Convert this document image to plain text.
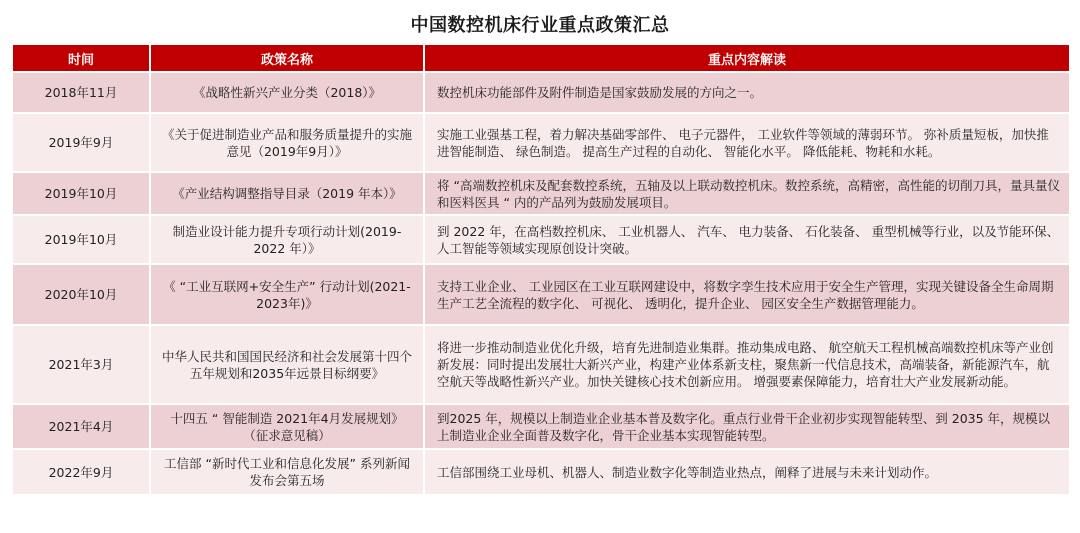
中国数控机床行业重点政策汇总
时间	政策名称	重点内容解读
2018年11月	《战略性新兴产业分类（2018）》	数控机床功能部件及附件制造是国家鼓励发展的方向之一。
2019年9月	《关于促进制造业产品和服务质量提升的实施意见（2019年9月）》	实施工业强基工程，着力解决基础零部件、 电子元器件， 工业软件等领域的薄弱环节。 弥补质量短板，加快推进智能制造、 绿色制造。 提高生产过程的自动化、 智能化水平。 降低能耗、物耗和水耗。
2019年10月	《产业结构调整指导目录（2019 年本）》	将 “高端数控机床及配套数控系统，五轴及以上联动数控机床。数控系统，高精密，高性能的切削刀具，量具量仪和医料医具 “ 内的产品列为鼓励发展项目。
2019年10月	制造业设计能力提升专项行动计划(2019-2022 年）》	到 2022 年，在高档数控机床、 工业机器人、 汽车、 电力装备、 石化装备、 重型机械等行业，以及节能环保、 人工智能等领域实现原创设计突破。
2020年10月	《 “工业互联网+安全生产” 行动计划(2021-2023年)》	支持工业企业、 工业园区在工业互联网建设中，将数字孪生技术应用于安全生产管理，实现关键设备全生命周期生产工艺全流程的数字化、 可视化、 透明化，提升企业、 园区安全生产数据管理能力。
2021年3月	中华人民共和国国民经济和社会发展第十四个五年规划和2035年远景目标纲要》	将进一步推动制造业优化升级，培育先进制造业集群。推动集成电路、 航空航天工程机械高端数控机床等产业创新发展：同时提出发展壮大新兴产业，构建产业体系新支柱，聚焦新一代信息技术，高端装备，新能源汽车，航空航天等战略性新兴产业。加快关键核心技术创新应用。 增强要素保障能力，培育壮大产业发展新动能。
2021年4月	十四五 “ 智能制造 2021年4月发展规划》 （征求意见稿）	到2025 年，规模以上制造业企业基本普及数字化。重点行业骨干企业初步实现智能转型、到 2035 年，规模以上制造业企业全面普及数字化，骨干企业基本实现智能转型。
2022年9月	工信部 “新时代工业和信息化发展” 系列新闻发布会第五场	工信部围绕工业母机、机器人、制造业数字化等制造业热点，阐释了进展与未来计划动作。
